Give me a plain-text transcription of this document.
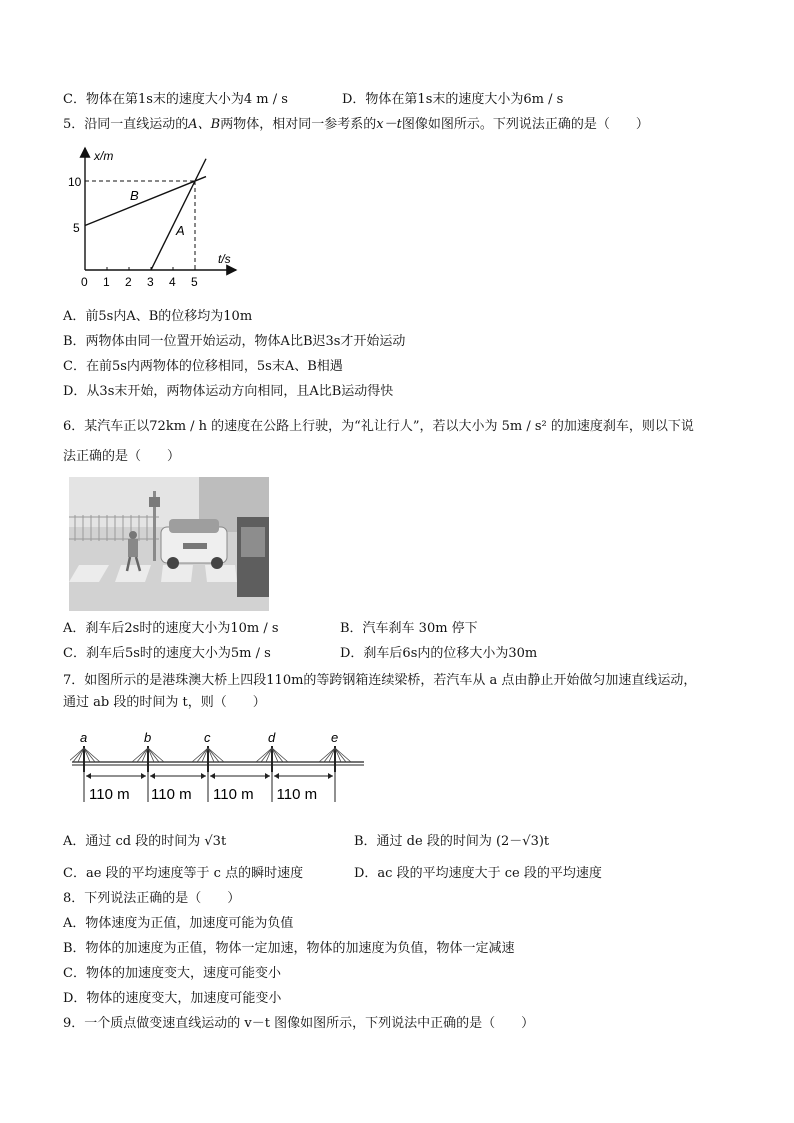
C．物体在第1s末的速度大小为4 m / s	D．物体在第1s末的速度大小为6m / s
5．沿同一直线运动的A、B两物体，相对同一参考系的x－t图像如图所示。下列说法正确的是（　　）
x/m
t/s
0 1 2 3 4 5
5
10
B
A
A．前5s内A、B的位移均为10m
B．两物体由同一位置开始运动，物体A比B迟3s才开始运动
C．在前5s内两物体的位移相同，5s末A、B相遇
D．从3s末开始，两物体运动方向相同，且A比B运动得快
6．某汽车正以72km / h 的速度在公路上行驶，为“礼让行人”，若以大小为 5m / s² 的加速度刹车，则以下说
法正确的是（　　）
A．刹车后2s时的速度大小为10m / s	B．汽车刹车 30m 停下
C．刹车后5s时的速度大小为5m / s	D．刹车后6s内的位移大小为30m
7．如图所示的是港珠澳大桥上四段110m的等跨钢箱连续梁桥，若汽车从 a 点由静止开始做匀加速直线运动，
通过 ab 段的时间为 t，则（　　）
a	b	c	d	e
110 m 110 m 110 m 110 m
A．通过 cd 段的时间为 √3t	B．通过 de 段的时间为 (2－√3)t
C．ae 段的平均速度等于 c 点的瞬时速度	D．ac 段的平均速度大于 ce 段的平均速度
8．下列说法正确的是（　　）
A．物体速度为正值，加速度可能为负值
B．物体的加速度为正值，物体一定加速，物体的加速度为负值，物体一定减速
C．物体的加速度变大，速度可能变小
D．物体的速度变大，加速度可能变小
9．一个质点做变速直线运动的 v－t 图像如图所示，下列说法中正确的是（　　）
